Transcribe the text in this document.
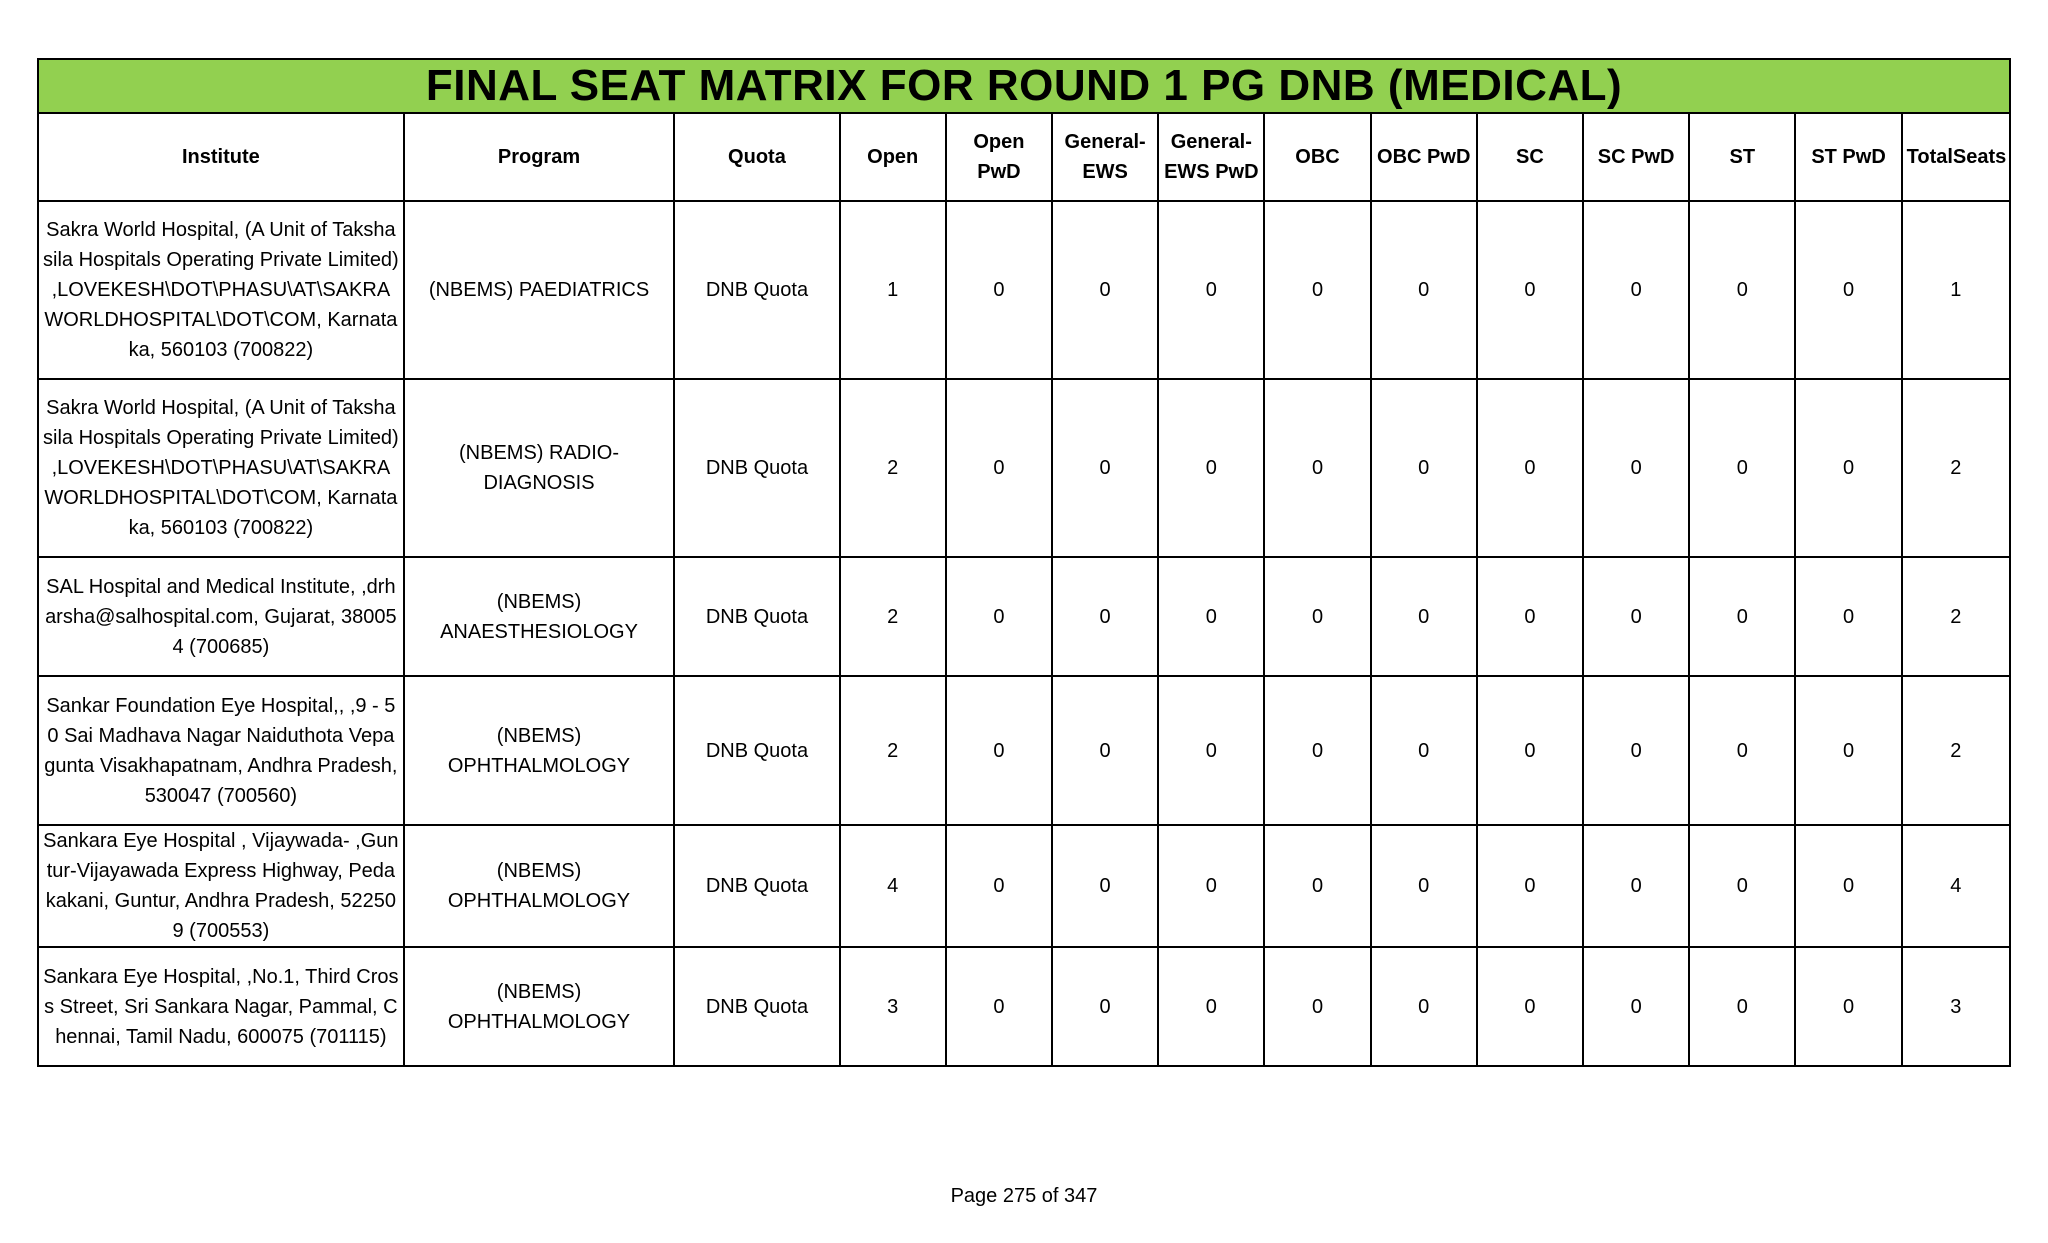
FINAL SEAT MATRIX FOR ROUND 1 PG DNB (MEDICAL)													
Institute	Program	Quota	Open	Open PwD	General-EWS	General-EWS PwD	OBC	OBC PwD	SC	SC PwD	ST	ST PwD	TotalSeats
Sakra World Hospital, (A Unit of Takshasila Hospitals Operating Private Limited) ,LOVEKESH\DOT\PHASU\AT\SAKRAWORLDHOSPITAL\DOT\COM, Karnataka, 560103 (700822)	(NBEMS) PAEDIATRICS	DNB Quota	1	0	0	0	0	0	0	0	0	0	1
Sakra World Hospital, (A Unit of Takshasila Hospitals Operating Private Limited) ,LOVEKESH\DOT\PHASU\AT\SAKRAWORLDHOSPITAL\DOT\COM, Karnataka, 560103 (700822)	(NBEMS) RADIO-DIAGNOSIS	DNB Quota	2	0	0	0	0	0	0	0	0	0	2
SAL Hospital and Medical Institute, ,drharsha@salhospital.com, Gujarat, 380054 (700685)	(NBEMS) ANAESTHESIOLOGY	DNB Quota	2	0	0	0	0	0	0	0	0	0	2
Sankar Foundation Eye Hospital,, ,9 - 50 Sai Madhava Nagar Naiduthota Vepagunta Visakhapatnam, Andhra Pradesh, 530047 (700560)	(NBEMS) OPHTHALMOLOGY	DNB Quota	2	0	0	0	0	0	0	0	0	0	2
Sankara Eye Hospital , Vijaywada- ,Guntur-Vijayawada Express Highway, Pedakakani, Guntur, Andhra Pradesh, 522509 (700553)	(NBEMS) OPHTHALMOLOGY	DNB Quota	4	0	0	0	0	0	0	0	0	0	4
Sankara Eye Hospital, ,No.1, Third Cross Street, Sri Sankara Nagar, Pammal, Chennai, Tamil Nadu, 600075 (701115)	(NBEMS) OPHTHALMOLOGY	DNB Quota	3	0	0	0	0	0	0	0	0	0	3
Page 275 of 347
